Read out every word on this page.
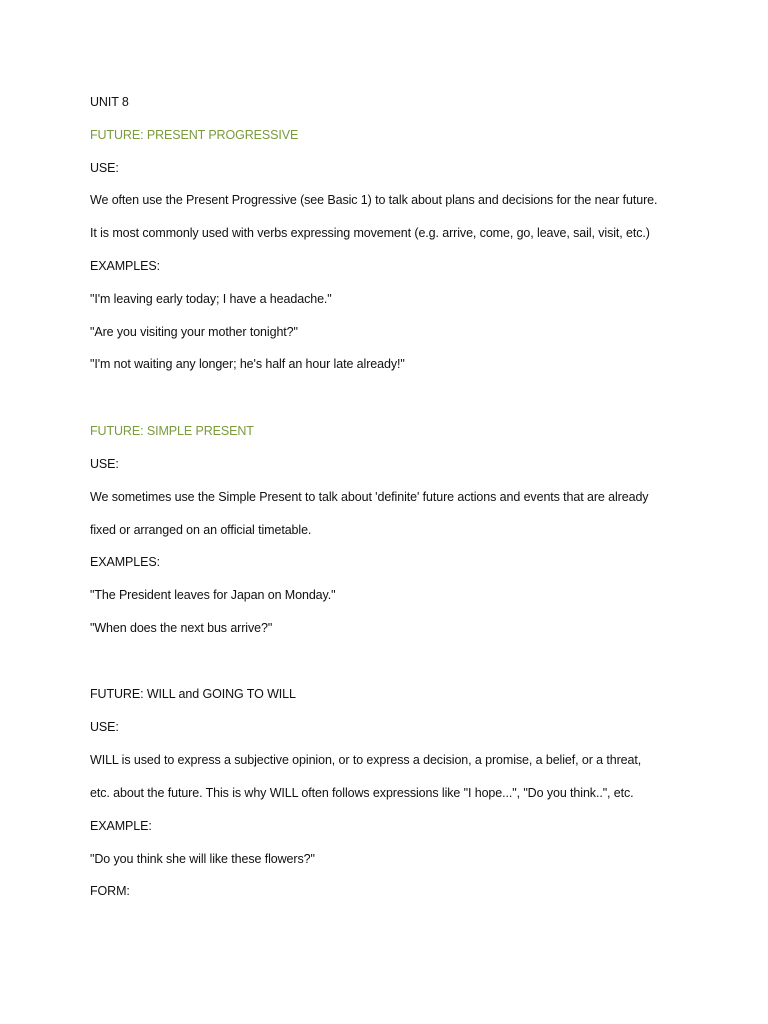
UNIT 8
FUTURE: PRESENT PROGRESSIVE
USE:
We often use the Present Progressive (see Basic 1) to talk about plans and decisions for the near future.
It is most commonly used with verbs expressing movement (e.g. arrive, come, go, leave, sail, visit, etc.)
EXAMPLES:
"I'm leaving early today; I have a headache."
"Are you visiting your mother tonight?"
"I'm not waiting any longer; he's half an hour late already!"
FUTURE: SIMPLE PRESENT
USE:
We sometimes use the Simple Present to talk about 'definite' future actions and events that are already
fixed or arranged on an official timetable.
EXAMPLES:
"The President leaves for Japan on Monday."
"When does the next bus arrive?"
FUTURE: WILL and GOING TO WILL
USE:
WILL is used to express a subjective opinion, or to express a decision, a promise, a belief, or a threat,
etc. about the future. This is why WILL often follows expressions like "I hope...", "Do you think..", etc.
EXAMPLE:
"Do you think she will like these flowers?"
FORM:
